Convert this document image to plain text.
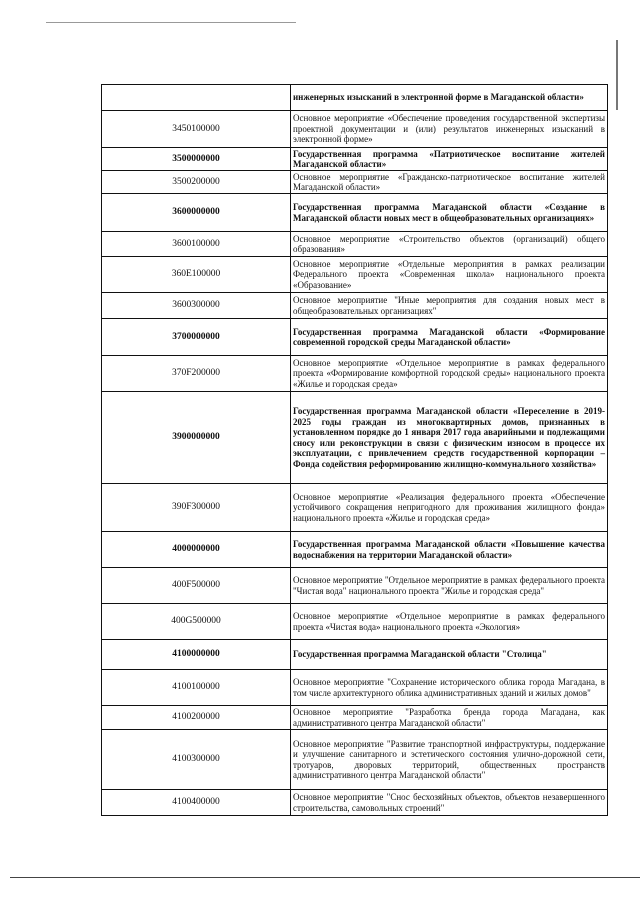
	инженерных изысканий в электронной форме в Магаданской области»
3450100000	Основное мероприятие «Обеспечение проведения государственной экспертизы проектной документации и (или) результатов инженерных изысканий в электронной форме»
3500000000	Государственная программа «Патриотическое воспитание жителей Магаданской области»
3500200000	Основное мероприятие «Гражданско-патриотическое воспитание жителей Магаданской области»
3600000000	Государственная программа Магаданской области «Создание в Магаданской области новых мест в общеобразовательных организациях»
3600100000	Основное мероприятие «Строительство объектов (организаций) общего образования»
360E100000	Основное мероприятие «Отдельные мероприятия в рамках реализации Федерального проекта «Современная школа» национального проекта «Образование»
3600300000	Основное мероприятие "Иные мероприятия для создания новых мест в общеобразовательных организациях"
3700000000	Государственная программа Магаданской области «Формирование современной городской среды Магаданской области»
370F200000	Основное мероприятие «Отдельное мероприятие в рамках федерального проекта «Формирование комфортной городской среды» национального проекта «Жилье и городская среда»
3900000000	Государственная программа Магаданской области «Переселение в 2019-2025 годы граждан из многоквартирных домов, признанных в установленном порядке до 1 января 2017 года аварийными и подлежащими сносу или реконструкции в связи с физическим износом в процессе их эксплуатации, с привлечением средств государственной корпорации – Фонда содействия реформированию жилищно-коммунального хозяйства»
390F300000	Основное мероприятие «Реализация федерального проекта «Обеспечение устойчивого сокращения непригодного для проживания жилищного фонда» национального проекта «Жилье и городская среда»
4000000000	Государственная программа Магаданской области «Повышение качества водоснабжения на территории Магаданской области»
400F500000	Основное мероприятие "Отдельное мероприятие в рамках федерального проекта "Чистая вода" национального проекта "Жилье и городская среда"
400G500000	Основное мероприятие «Отдельное мероприятие в рамках федерального проекта «Чистая вода» национального проекта «Экология»
4100000000	Государственная программа Магаданской области "Столица"
4100100000	Основное мероприятие "Сохранение исторического облика города Магадана, в том числе архитектурного облика административных зданий и жилых домов"
4100200000	Основное мероприятие "Разработка бренда города Магадана, как административного центра Магаданской области"
4100300000	Основное мероприятие "Развитие транспортной инфраструктуры, поддержание и улучшение санитарного и эстетического состояния улично-дорожной сети, тротуаров, дворовых территорий, общественных пространств административного центра Магаданской области"
4100400000	Основное мероприятие "Снос бесхозяйных объектов, объектов незавершенного строительства, самовольных строений"
